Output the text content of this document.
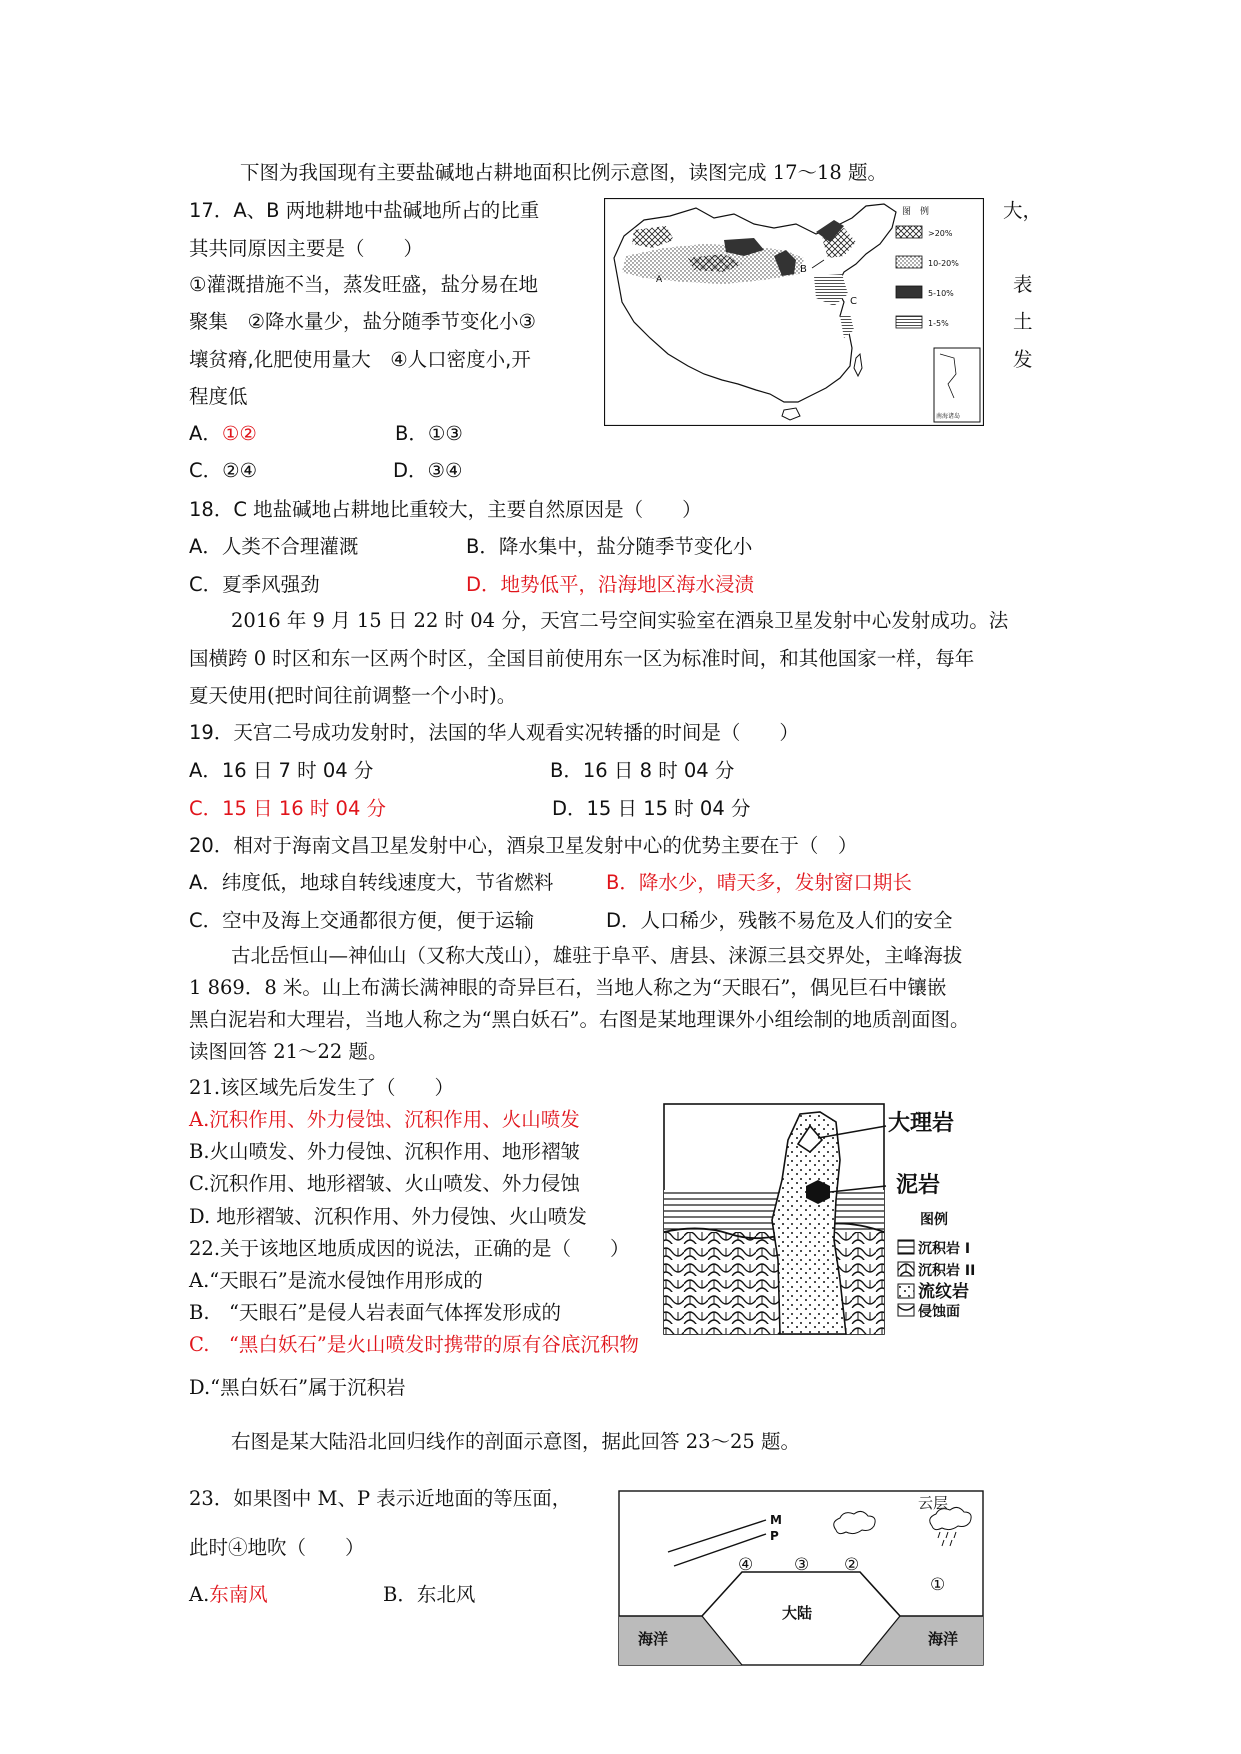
下图为我国现有主要盐碱地占耕地面积比例示意图，读图完成 17～18 题。
17．A、B 两地耕地中盐碱地所占的比重	大，
其共同原因主要是（　　）
①灌溉措施不当，蒸发旺盛，盐分易在地	表
聚集　②降水量少，盐分随季节变化小③	土
壤贫瘠,化肥使用量大　④人口密度小,开	发
程度低
A．①②	B．①③
C．②④	D．③④
A
B
C
图　例
>20%
10-20%
5-10%
1-5%
南海诸岛
18．C 地盐碱地占耕地比重较大，主要自然原因是（　　）
A．人类不合理灌溉	B．降水集中，盐分随季节变化小
C．夏季风强劲	D．地势低平，沿海地区海水浸渍
2016 年 9 月 15 日 22 时 04 分，天宫二号空间实验室在酒泉卫星发射中心发射成功。法
国横跨 0 时区和东一区两个时区，全国目前使用东一区为标准时间，和其他国家一样，每年
夏天使用(把时间往前调整一个小时)。
19．天宫二号成功发射时，法国的华人观看实况转播的时间是（　　）
A．16 日 7 时 04 分	B．16 日 8 时 04 分
C．15 日 16 时 04 分	D．15 日 15 时 04 分
20．相对于海南文昌卫星发射中心，酒泉卫星发射中心的优势主要在于（　）
A．纬度低，地球自转线速度大，节省燃料	B．降水少，晴天多，发射窗口期长
C．空中及海上交通都很方便，便于运输	D．人口稀少，残骸不易危及人们的安全
古北岳恒山—神仙山（又称大茂山），雄驻于阜平、唐县、涞源三县交界处，主峰海拔
1 869．8 米。山上布满长满神眼的奇异巨石，当地人称之为“天眼石”，偶见巨石中镶嵌
黑白泥岩和大理岩，当地人称之为“黑白妖石”。右图是某地理课外小组绘制的地质剖面图。
读图回答 21～22 题。
21.该区域先后发生了（　　）
A.沉积作用、外力侵蚀、沉积作用、火山喷发
B.火山喷发、外力侵蚀、沉积作用、地形褶皱
C.沉积作用、地形褶皱、火山喷发、外力侵蚀
D. 地形褶皱、沉积作用、外力侵蚀、火山喷发
大理岩
泥岩
图例
沉积岩 I
沉积岩 II
流纹岩
侵蚀面
22.关于该地区地质成因的说法，正确的是（　　）
A.“天眼石”是流水侵蚀作用形成的
B.　“天眼石”是侵人岩表面气体挥发形成的
C.　“黑白妖石”是火山喷发时携带的原有谷底沉积物
D.“黑白妖石”属于沉积岩
右图是某大陆沿北回归线作的剖面示意图，据此回答 23～25 题。
23．如果图中 M、P 表示近地面的等压面，
此时④地吹（　　）
A.东南风	B．东北风
M
P
云层
④ ③ ②
①
大陆
海洋	海洋
